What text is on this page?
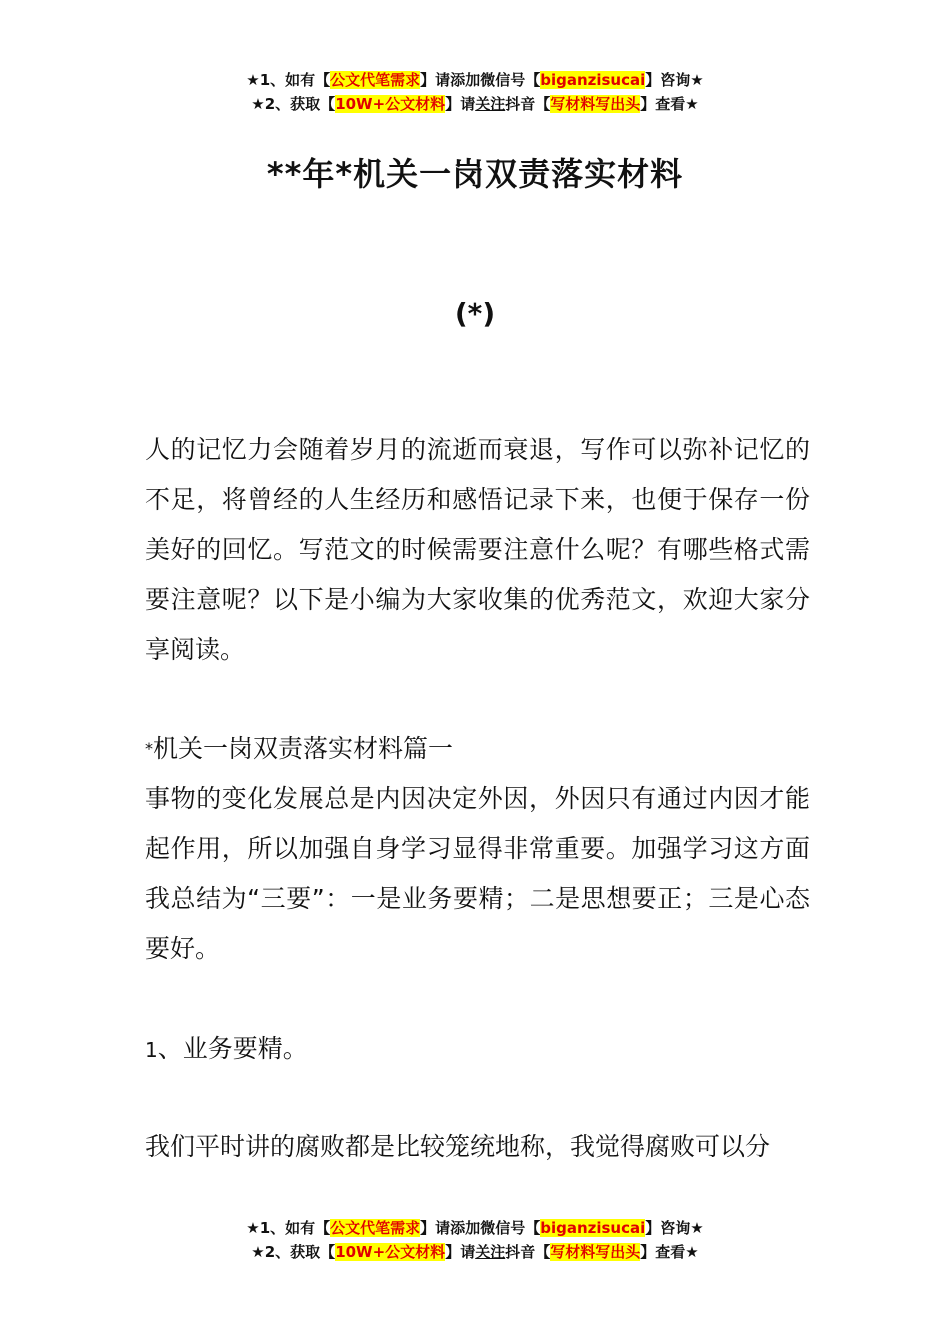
★1、如有【公文代笔需求】请添加微信号【biganzisucai】咨询★
★2、获取【10W+公文材料】请关注抖音【写材料写出头】查看★
**年*机关一岗双责落实材料
(*)

人的记忆力会随着岁月的流逝而衰退，写作可以弥补记忆的不足，将曾经的人生经历和感悟记录下来，也便于保存一份美好的回忆。写范文的时候需要注意什么呢？有哪些格式需要注意呢？以下是小编为大家收集的优秀范文，欢迎大家分享阅读。

*机关一岗双责落实材料篇一

事物的变化发展总是内因决定外因，外因只有通过内因才能起作用，所以加强自身学习显得非常重要。加强学习这方面我总结为“三要”：一是业务要精；二是思想要正；三是心态要好。

1、业务要精。

我们平时讲的腐败都是比较笼统地称，我觉得腐败可以分

★1、如有【公文代笔需求】请添加微信号【biganzisucai】咨询★
★2、获取【10W+公文材料】请关注抖音【写材料写出头】查看★
